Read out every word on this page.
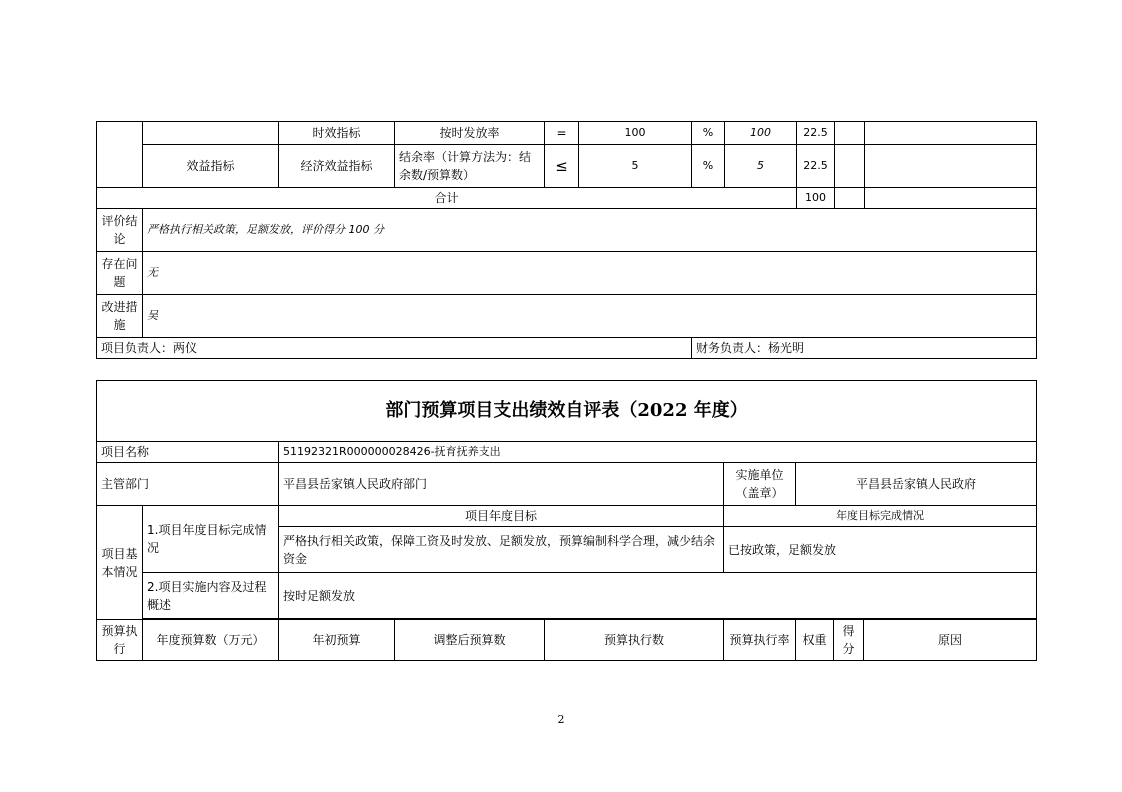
		时效指标	按时发放率	=	100	%	100	22.5		
	效益指标	经济效益指标	结余率（计算方法为：结余数/预算数）	≤	5	%	5	22.5		
合计								100		
评价结论	严格执行相关政策，足额发放，评价得分 100 分									
存在问题	无									
改进措施	吴									
项目负责人：两仪						财务负责人：杨光明				
部门预算项目支出绩效自评表（2022 年度）								
项目名称		51192321R000000028426-抚育抚养支出						
主管部门		平昌县岳家镇人民政府部门			实施单位（盖章）	平昌县岳家镇人民政府		
项目基本情况	1.项目年度目标完成情况	项目年度目标			年度目标完成情况			
		严格执行相关政策，保障工资及时发放、足额发放，预算编制科学合理，减少结余资金			已按政策，足额发放			
	2.项目实施内容及过程概述	按时足额发放						

预算执行	年度预算数（万元）	年初预算	调整后预算数	预算执行数	预算执行率	权重	得分	原因
2
